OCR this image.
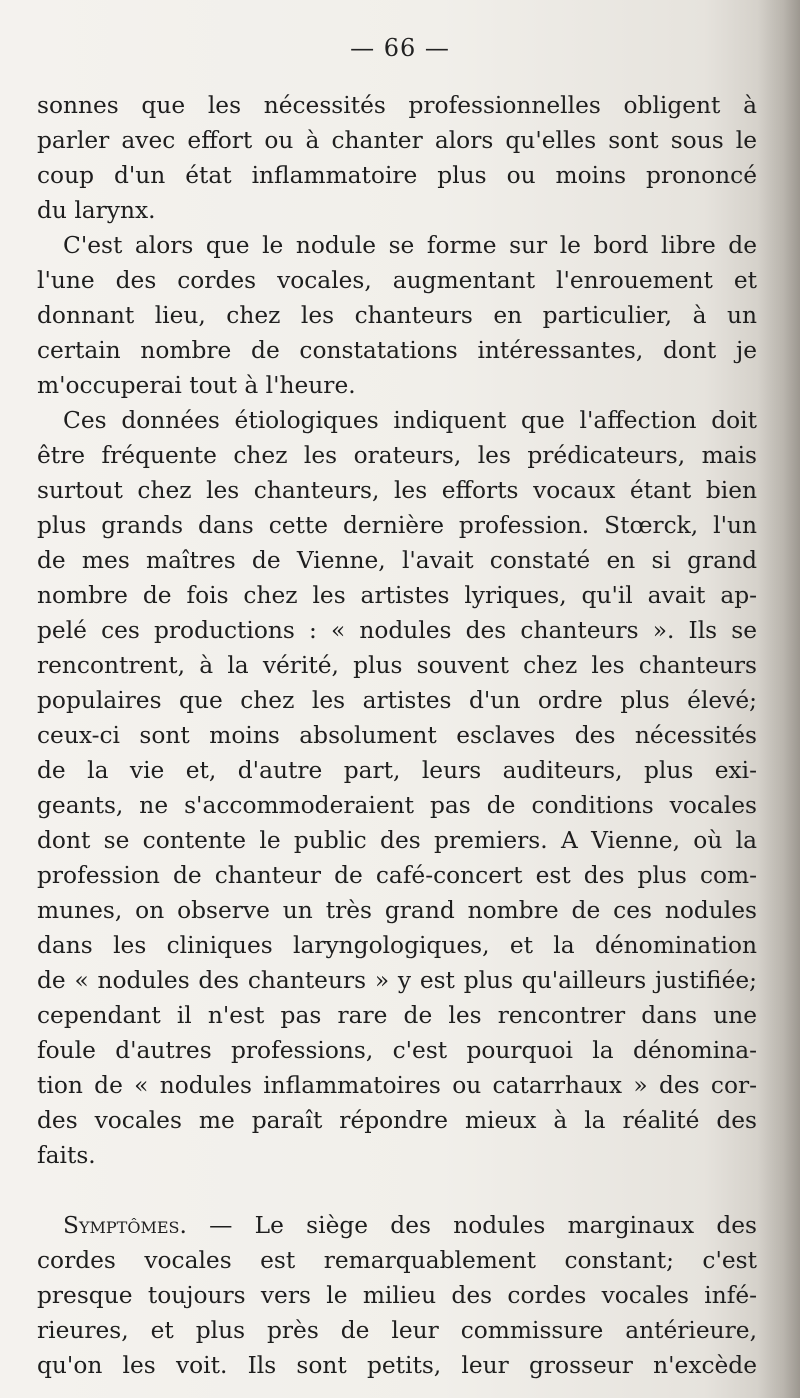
— 66 —
sonnes que les nécessités professionnelles obligent à
parler avec effort ou à chanter alors qu'elles sont sous le
coup d'un état inflammatoire plus ou moins prononcé
du larynx.
C'est alors que le nodule se forme sur le bord libre de
l'une des cordes vocales, augmentant l'enrouement et
donnant lieu, chez les chanteurs en particulier, à un
certain nombre de constatations intéressantes, dont je
m'occuperai tout à l'heure.
Ces données étiologiques indiquent que l'affection doit
être fréquente chez les orateurs, les prédicateurs, mais
surtout chez les chanteurs, les efforts vocaux étant bien
plus grands dans cette dernière profession. Stœrck, l'un
de mes maîtres de Vienne, l'avait constaté en si grand
nombre de fois chez les artistes lyriques, qu'il avait ap-
pelé ces productions : « nodules des chanteurs ». Ils se
rencontrent, à la vérité, plus souvent chez les chanteurs
populaires que chez les artistes d'un ordre plus élevé;
ceux-ci sont moins absolument esclaves des nécessités
de la vie et, d'autre part, leurs auditeurs, plus exi-
geants, ne s'accommoderaient pas de conditions vocales
dont se contente le public des premiers. A Vienne, où la
profession de chanteur de café-concert est des plus com-
munes, on observe un très grand nombre de ces nodules
dans les cliniques laryngologiques, et la dénomination
de « nodules des chanteurs » y est plus qu'ailleurs justifiée;
cependant il n'est pas rare de les rencontrer dans une
foule d'autres professions, c'est pourquoi la dénomina-
tion de « nodules inflammatoires ou catarrhaux » des cor-
des vocales me paraît répondre mieux à la réalité des
faits.
Symptômes. — Le siège des nodules marginaux des
cordes vocales est remarquablement constant; c'est
presque toujours vers le milieu des cordes vocales infé-
rieures, et plus près de leur commissure antérieure,
qu'on les voit. Ils sont petits, leur grosseur n'excède
